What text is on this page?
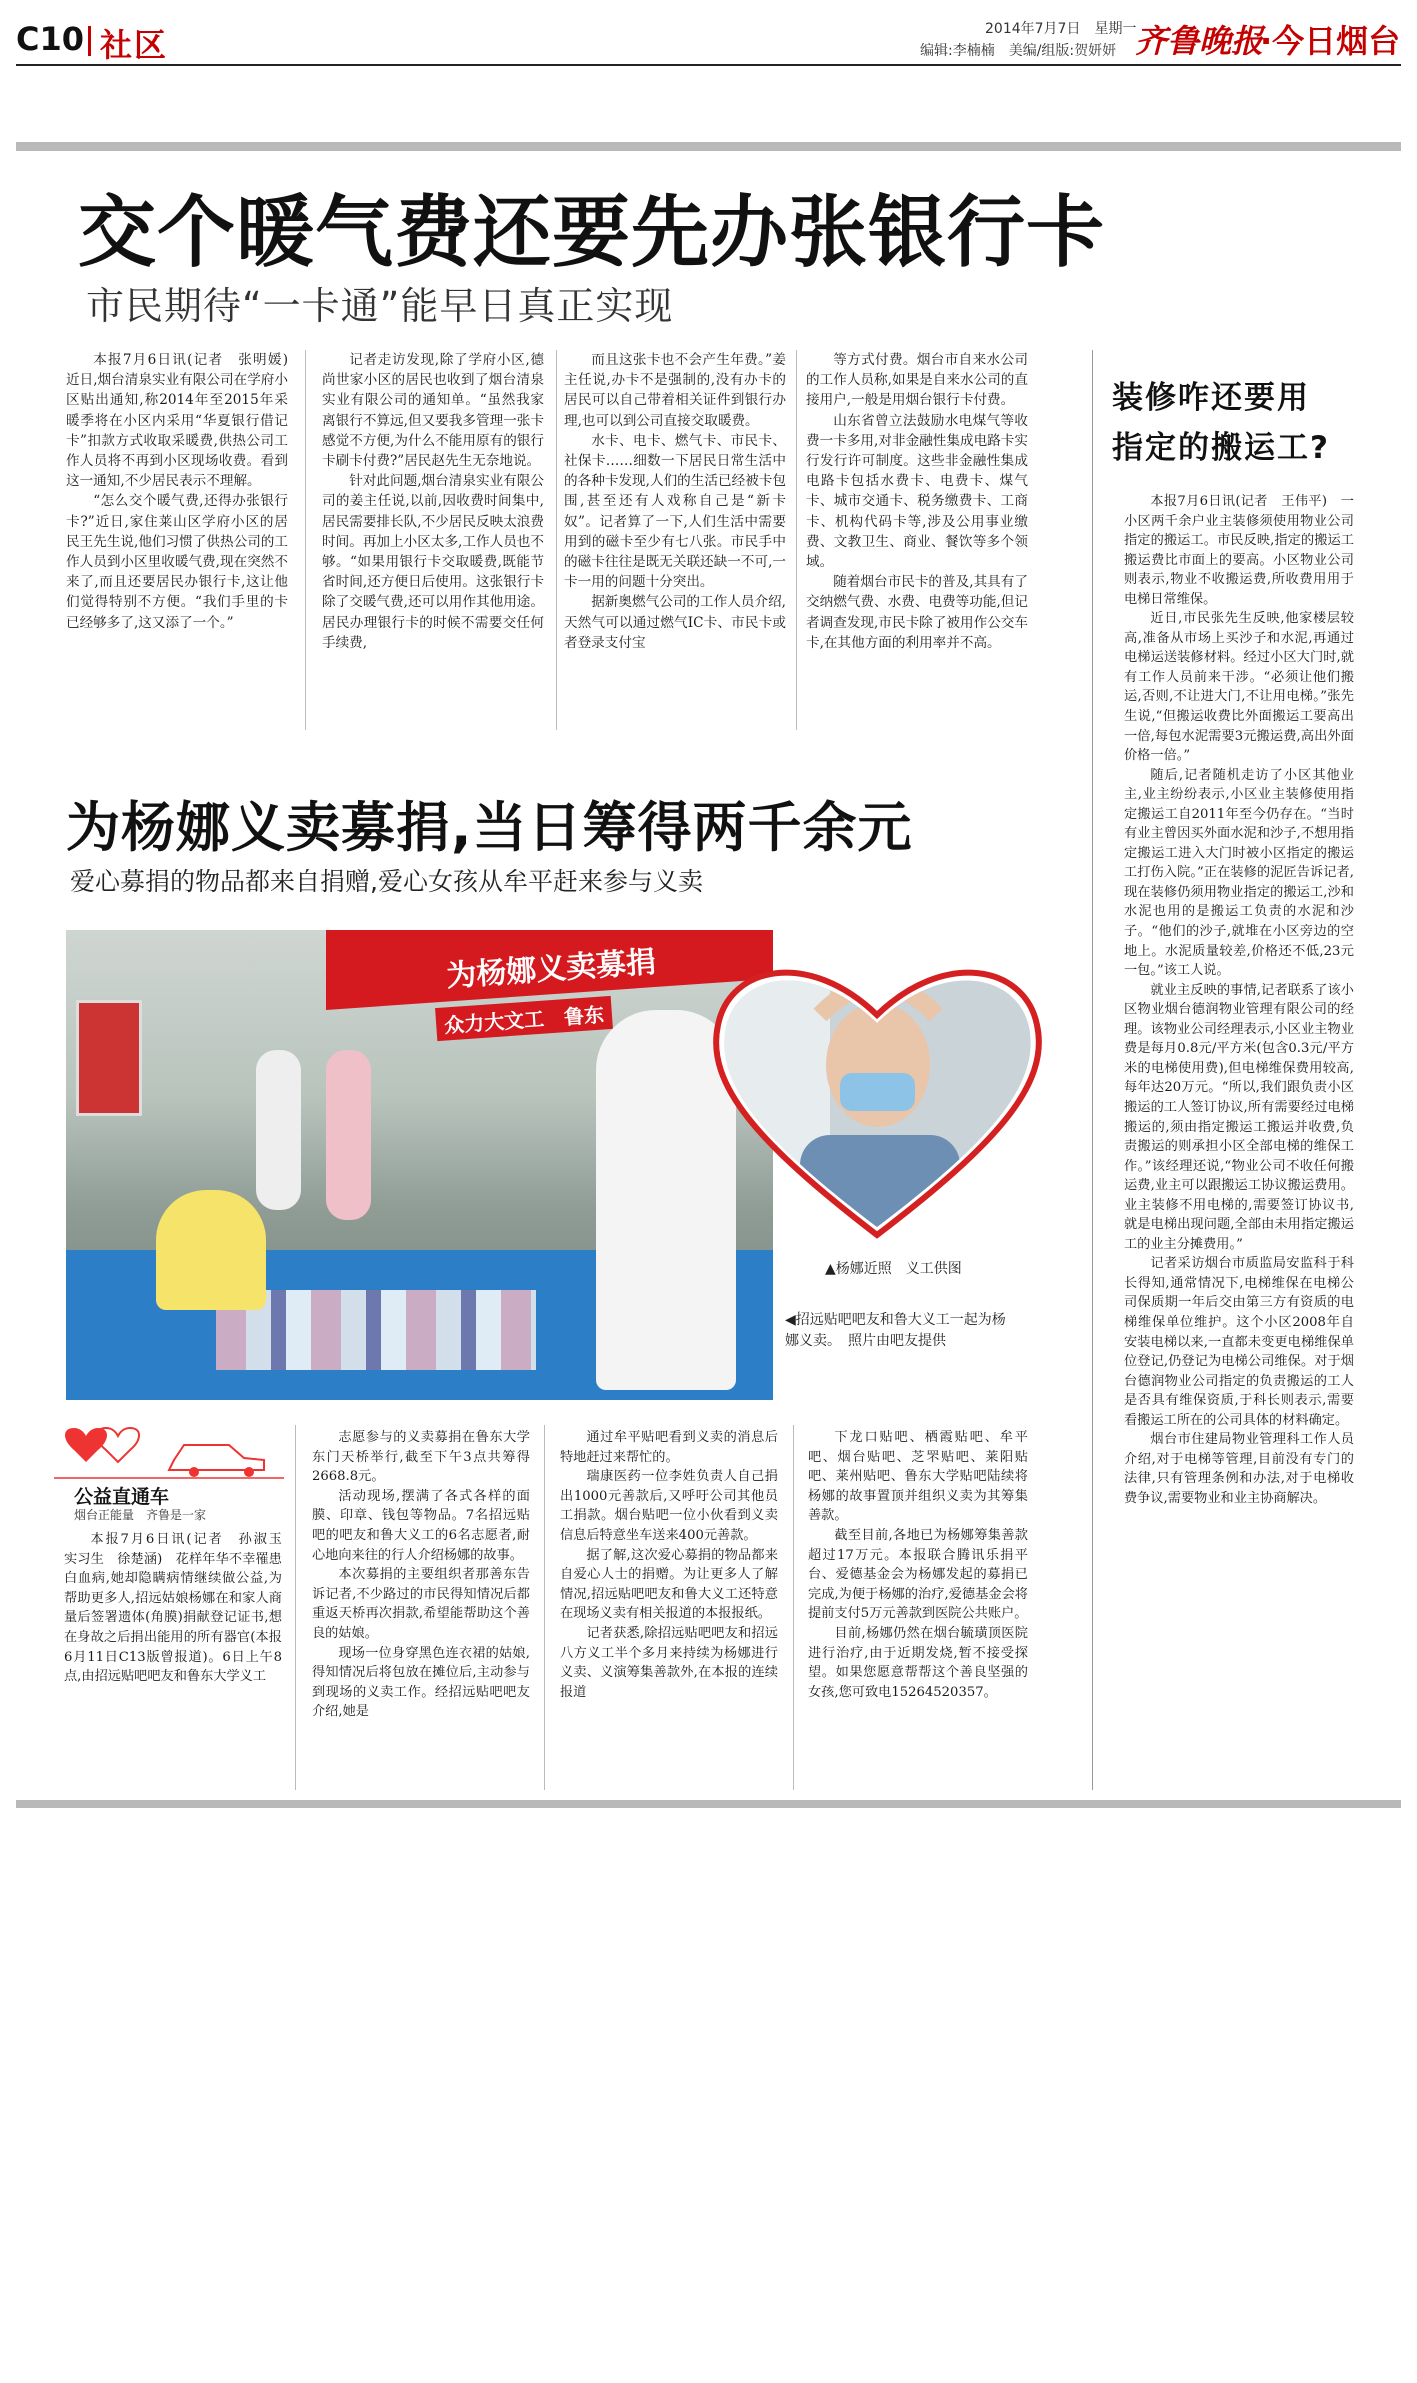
C10 社区	2014年7月7日　星期一
编辑:李楠楠　美编/组版:贺妍妍 齐鲁晚报
·今日烟台
交个暖气费还要先办张银行卡
市民期待“一卡通”能早日真正实现

本报7月6日讯(记者　张明媛)　近日,烟台清泉实业有限公司在学府小区贴出通知,称2014年至2015年采暖季将在小区内采用“华夏银行借记卡”扣款方式收取采暖费,供热公司工作人员将不再到小区现场收费。看到这一通知,不少居民表示不理解。

“怎么交个暖气费,还得办张银行卡?”近日,家住莱山区学府小区的居民王先生说,他们习惯了供热公司的工作人员到小区里收暖气费,现在突然不来了,而且还要居民办银行卡,这让他们觉得特别不方便。“我们手里的卡已经够多了,这又添了一个。”

记者走访发现,除了学府小区,德尚世家小区的居民也收到了烟台清泉实业有限公司的通知单。“虽然我家离银行不算远,但又要我多管理一张卡感觉不方便,为什么不能用原有的银行卡刷卡付费?”居民赵先生无奈地说。

针对此问题,烟台清泉实业有限公司的姜主任说,以前,因收费时间集中,居民需要排长队,不少居民反映太浪费时间。再加上小区太多,工作人员也不够。“如果用银行卡交取暖费,既能节省时间,还方便日后使用。这张银行卡除了交暖气费,还可以用作其他用途。居民办理银行卡的时候不需要交任何手续费,

而且这张卡也不会产生年费。”姜主任说,办卡不是强制的,没有办卡的居民可以自己带着相关证件到银行办理,也可以到公司直接交取暖费。

水卡、电卡、燃气卡、市民卡、社保卡……细数一下居民日常生活中的各种卡发现,人们的生活已经被卡包围,甚至还有人戏称自己是“新卡奴”。记者算了一下,人们生活中需要用到的磁卡至少有七八张。市民手中的磁卡往往是既无关联还缺一不可,一卡一用的问题十分突出。

据新奥燃气公司的工作人员介绍,天然气可以通过燃气IC卡、市民卡或者登录支付宝

等方式付费。烟台市自来水公司的工作人员称,如果是自来水公司的直接用户,一般是用烟台银行卡付费。

山东省曾立法鼓励水电煤气等收费一卡多用,对非金融性集成电路卡实行发行许可制度。这些非金融性集成电路卡包括水费卡、电费卡、煤气卡、城市交通卡、税务缴费卡、工商卡、机构代码卡等,涉及公用事业缴费、文教卫生、商业、餐饮等多个领域。

随着烟台市民卡的普及,其具有了交纳燃气费、水费、电费等功能,但记者调查发现,市民卡除了被用作公交车卡,在其他方面的利用率并不高。

装修咋还要用
指定的搬运工?

本报7月6日讯(记者　王伟平)　一小区两千余户业主装修须使用物业公司指定的搬运工。市民反映,指定的搬运工搬运费比市面上的要高。小区物业公司则表示,物业不收搬运费,所收费用用于电梯日常维保。

近日,市民张先生反映,他家楼层较高,准备从市场上买沙子和水泥,再通过电梯运送装修材料。经过小区大门时,就有工作人员前来干涉。“必须让他们搬运,否则,不让进大门,不让用电梯。”张先生说,“但搬运收费比外面搬运工要高出一倍,每包水泥需要3元搬运费,高出外面价格一倍。”

随后,记者随机走访了小区其他业主,业主纷纷表示,小区业主装修使用指定搬运工自2011年至今仍存在。“当时有业主曾因买外面水泥和沙子,不想用指定搬运工进入大门时被小区指定的搬运工打伤入院。”正在装修的泥匠告诉记者,现在装修仍须用物业指定的搬运工,沙和水泥也用的是搬运工负责的水泥和沙子。“他们的沙子,就堆在小区旁边的空地上。水泥质量较差,价格还不低,23元一包。”该工人说。

就业主反映的事情,记者联系了该小区物业烟台德润物业管理有限公司的经理。该物业公司经理表示,小区业主物业费是每月0.8元/平方米(包含0.3元/平方米的电梯使用费),但电梯维保费用较高,每年达20万元。“所以,我们跟负责小区搬运的工人签订协议,所有需要经过电梯搬运的,须由指定搬运工搬运并收费,负责搬运的则承担小区全部电梯的维保工作。”该经理还说,“物业公司不收任何搬运费,业主可以跟搬运工协议搬运费用。业主装修不用电梯的,需要签订协议书,就是电梯出现问题,全部由未用指定搬运工的业主分摊费用。”

记者采访烟台市质监局安监科于科长得知,通常情况下,电梯维保在电梯公司保质期一年后交由第三方有资质的电梯维保单位维护。这个小区2008年自安装电梯以来,一直都未变更电梯维保单位登记,仍登记为电梯公司维保。对于烟台德润物业公司指定的负责搬运的工人是否具有维保资质,于科长则表示,需要看搬运工所在的公司具体的材料确定。

烟台市住建局物业管理科工作人员介绍,对于电梯等管理,目前没有专门的法律,只有管理条例和办法,对于电梯收费争议,需要物业和业主协商解决。

为杨娜义卖募捐,当日筹得两千余元
爱心募捐的物品都来自捐赠,爱心女孩从牟平赶来参与义卖
为杨娜义卖募捐
众力大文工　鲁东
▲杨娜近照　义工供图
◀招远贴吧吧友和鲁大义工一起为杨娜义卖。　照片由吧友提供
公益直通车
烟台正能量　齐鲁是一家

本报7月6日讯(记者　孙淑玉　实习生　徐楚涵)　花样年华不幸罹患白血病,她却隐瞒病情继续做公益,为帮助更多人,招远姑娘杨娜在和家人商量后签署遗体(角膜)捐献登记证书,想在身故之后捐出能用的所有器官(本报6月11日C13版曾报道)。6日上午8点,由招远贴吧吧友和鲁东大学义工

志愿参与的义卖募捐在鲁东大学东门天桥举行,截至下午3点共筹得2668.8元。

活动现场,摆满了各式各样的面膜、印章、钱包等物品。7名招远贴吧的吧友和鲁大义工的6名志愿者,耐心地向来往的行人介绍杨娜的故事。

本次募捐的主要组织者那善东告诉记者,不少路过的市民得知情况后都重返天桥再次捐款,希望能帮助这个善良的姑娘。

现场一位身穿黑色连衣裙的姑娘,得知情况后将包放在摊位后,主动参与到现场的义卖工作。经招远贴吧吧友介绍,她是

通过牟平贴吧看到义卖的消息后特地赶过来帮忙的。

瑞康医药一位李姓负责人自己捐出1000元善款后,又呼吁公司其他员工捐款。烟台贴吧一位小伙看到义卖信息后特意坐车送来400元善款。

据了解,这次爱心募捐的物品都来自爱心人士的捐赠。为让更多人了解情况,招远贴吧吧友和鲁大义工还特意在现场义卖有相关报道的本报报纸。

记者获悉,除招远贴吧吧友和招远八方义工半个多月来持续为杨娜进行义卖、义演筹集善款外,在本报的连续报道

下龙口贴吧、栖霞贴吧、牟平吧、烟台贴吧、芝罘贴吧、莱阳贴吧、莱州贴吧、鲁东大学贴吧陆续将杨娜的故事置顶并组织义卖为其筹集善款。

截至目前,各地已为杨娜筹集善款超过17万元。本报联合腾讯乐捐平台、爱德基金会为杨娜发起的募捐已完成,为便于杨娜的治疗,爱德基金会将提前支付5万元善款到医院公共账户。

目前,杨娜仍然在烟台毓璜顶医院进行治疗,由于近期发烧,暂不接受探望。如果您愿意帮帮这个善良坚强的女孩,您可致电15264520357。
